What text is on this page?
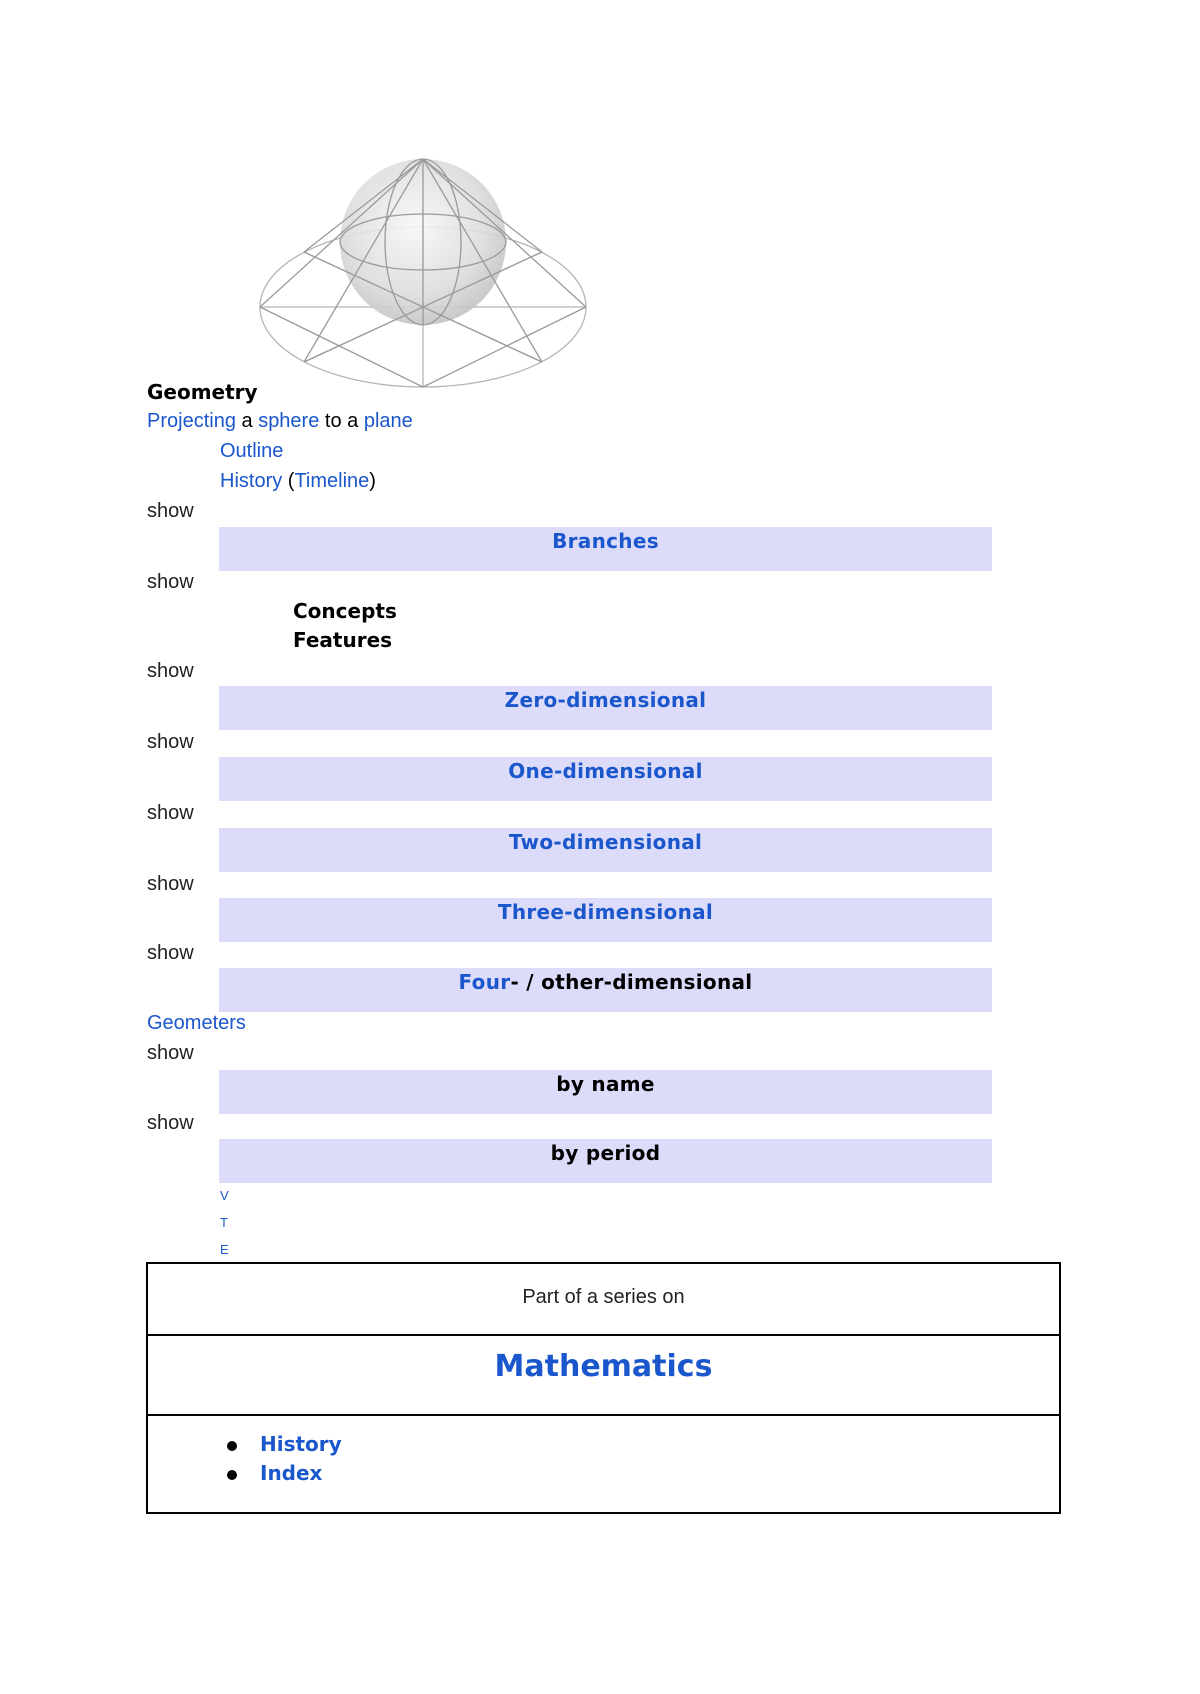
Geometry
Projecting a sphere to a plane
Outline
History (Timeline)
show
Branches
show
Concepts
Features
show
Zero-dimensional
show
One-dimensional
show
Two-dimensional
show
Three-dimensional
show
Four- / other-dimensional
Geometers
show
by name
show
by period
V
T
E
Part of a series on
Mathematics
History
Index
